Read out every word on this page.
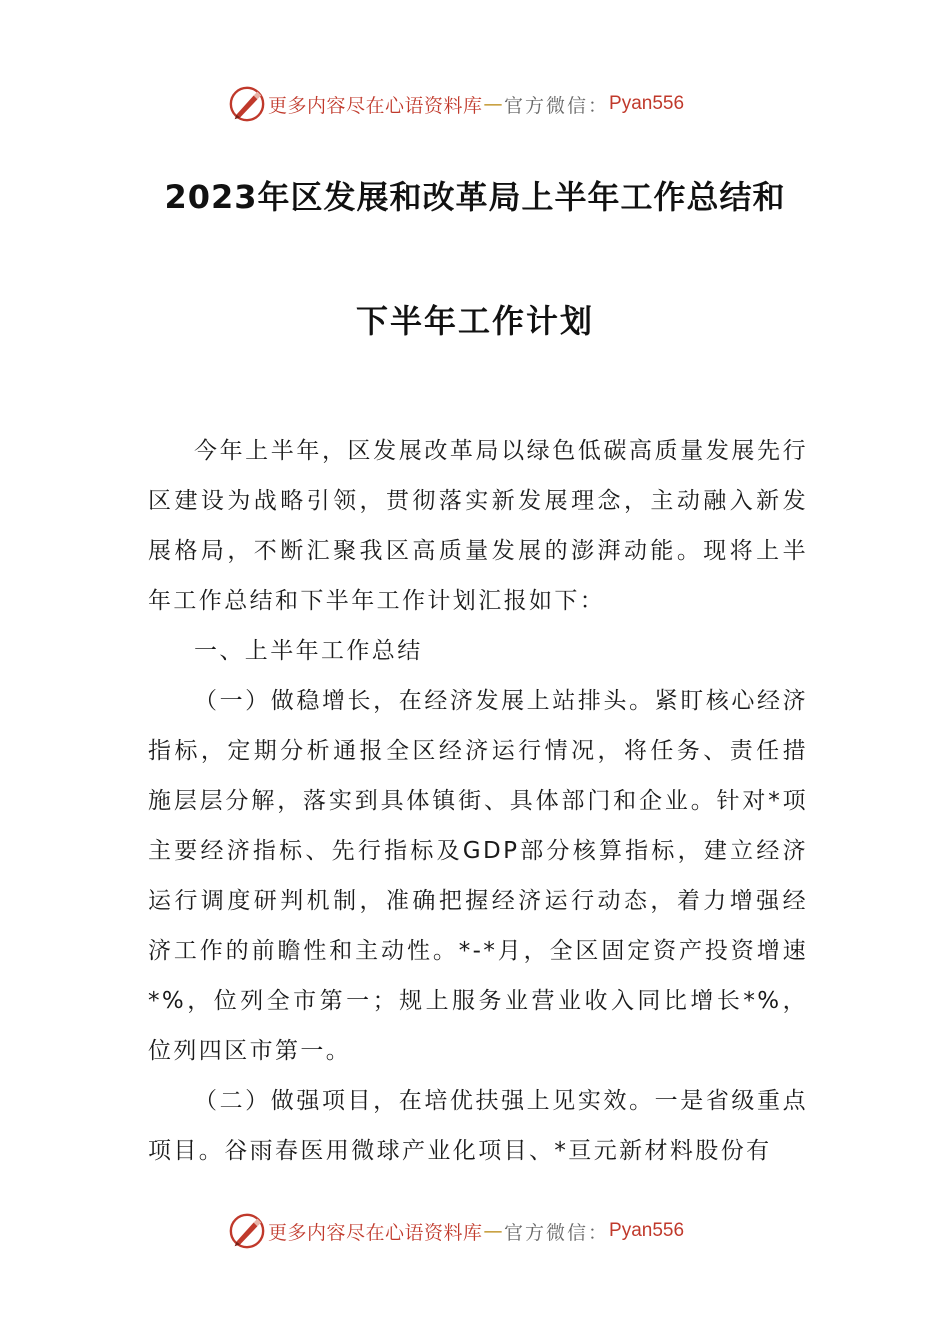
更多内容尽在心语资料库 — 官方微信： Pyan556
2023年区发展和改革局上半年工作总结和
下半年工作计划

今年上半年，区发展改革局以绿色低碳高质量发展先行区建设为战略引领，贯彻落实新发展理念，主动融入新发展格局，不断汇聚我区高质量发展的澎湃动能。现将上半年工作总结和下半年工作计划汇报如下：

一、上半年工作总结

（一）做稳增长，在经济发展上站排头。紧盯核心经济指标，定期分析通报全区经济运行情况，将任务、责任措施层层分解，落实到具体镇街、具体部门和企业。针对*项主要经济指标、先行指标及GDP部分核算指标，建立经济运行调度研判机制，准确把握经济运行动态，着力增强经济工作的前瞻性和主动性。*-*月，全区固定资产投资增速*%，位列全市第一；规上服务业营业收入同比增长*%，位列四区市第一。

（二）做强项目，在培优扶强上见实效。一是省级重点项目。谷雨春医用微球产业化项目、*亘元新材料股份有

更多内容尽在心语资料库 — 官方微信： Pyan556
